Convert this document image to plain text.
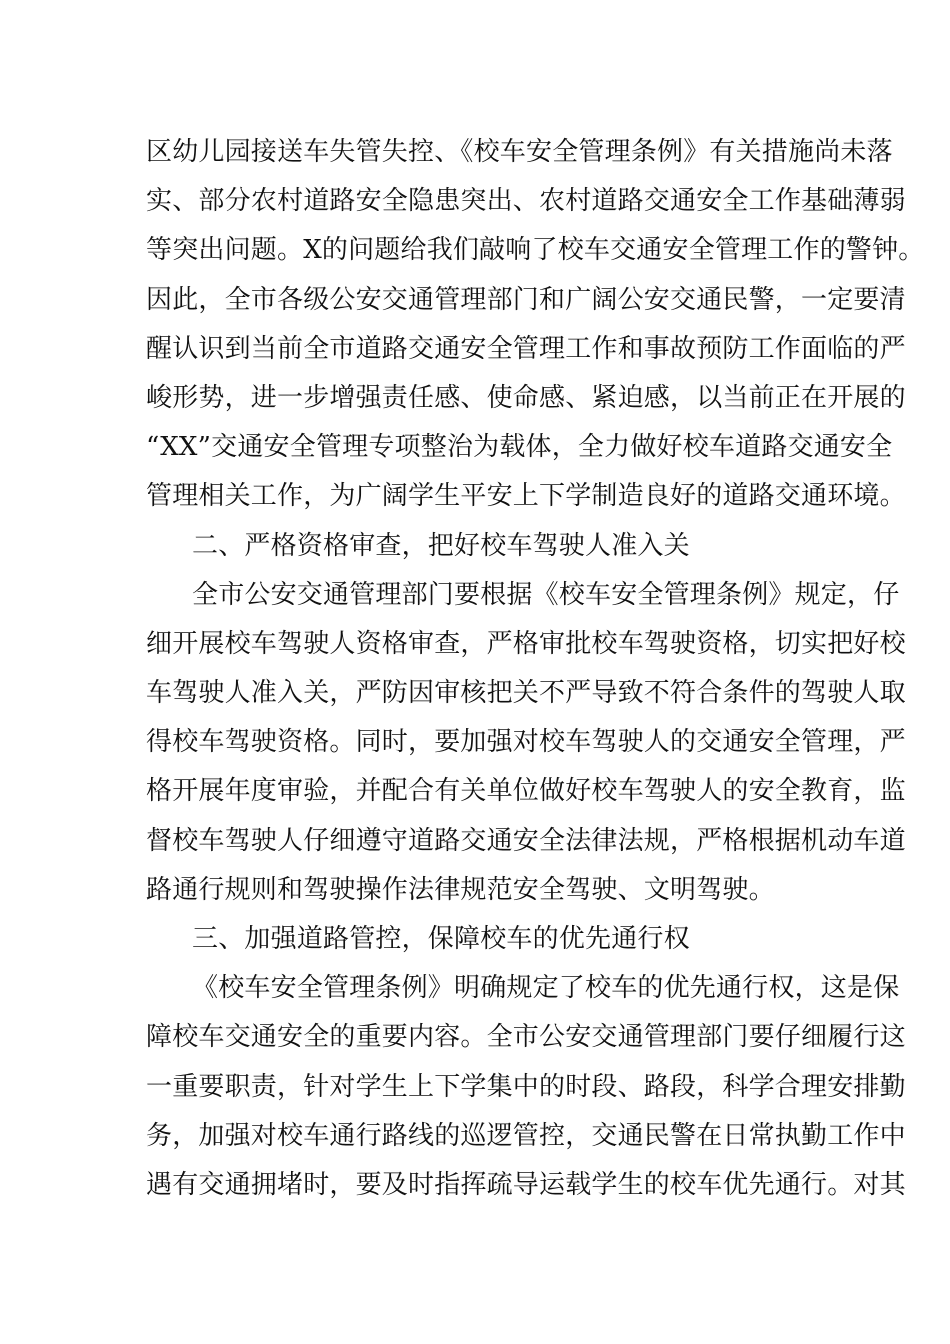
区幼儿园接送车失管失控、《校车安全管理条例》有关措施尚未落
实、部分农村道路安全隐患突出、农村道路交通安全工作基础薄弱
等突出问题。X的问题给我们敲响了校车交通安全管理工作的警钟。
因此，全市各级公安交通管理部门和广阔公安交通民警，一定要清
醒认识到当前全市道路交通安全管理工作和事故预防工作面临的严
峻形势，进一步增强责任感、使命感、紧迫感，以当前正在开展的
“XX”交通安全管理专项整治为载体，全力做好校车道路交通安全
管理相关工作，为广阔学生平安上下学制造良好的道路交通环境。
二、严格资格审查，把好校车驾驶人准入关
全市公安交通管理部门要根据《校车安全管理条例》规定，仔
细开展校车驾驶人资格审查，严格审批校车驾驶资格，切实把好校
车驾驶人准入关，严防因审核把关不严导致不符合条件的驾驶人取
得校车驾驶资格。同时，要加强对校车驾驶人的交通安全管理，严
格开展年度审验，并配合有关单位做好校车驾驶人的安全教育，监
督校车驾驶人仔细遵守道路交通安全法律法规，严格根据机动车道
路通行规则和驾驶操作法律规范安全驾驶、文明驾驶。
三、加强道路管控，保障校车的优先通行权
《校车安全管理条例》明确规定了校车的优先通行权，这是保
障校车交通安全的重要内容。全市公安交通管理部门要仔细履行这
一重要职责，针对学生上下学集中的时段、路段，科学合理安排勤
务，加强对校车通行路线的巡逻管控，交通民警在日常执勤工作中
遇有交通拥堵时，要及时指挥疏导运载学生的校车优先通行。对其
